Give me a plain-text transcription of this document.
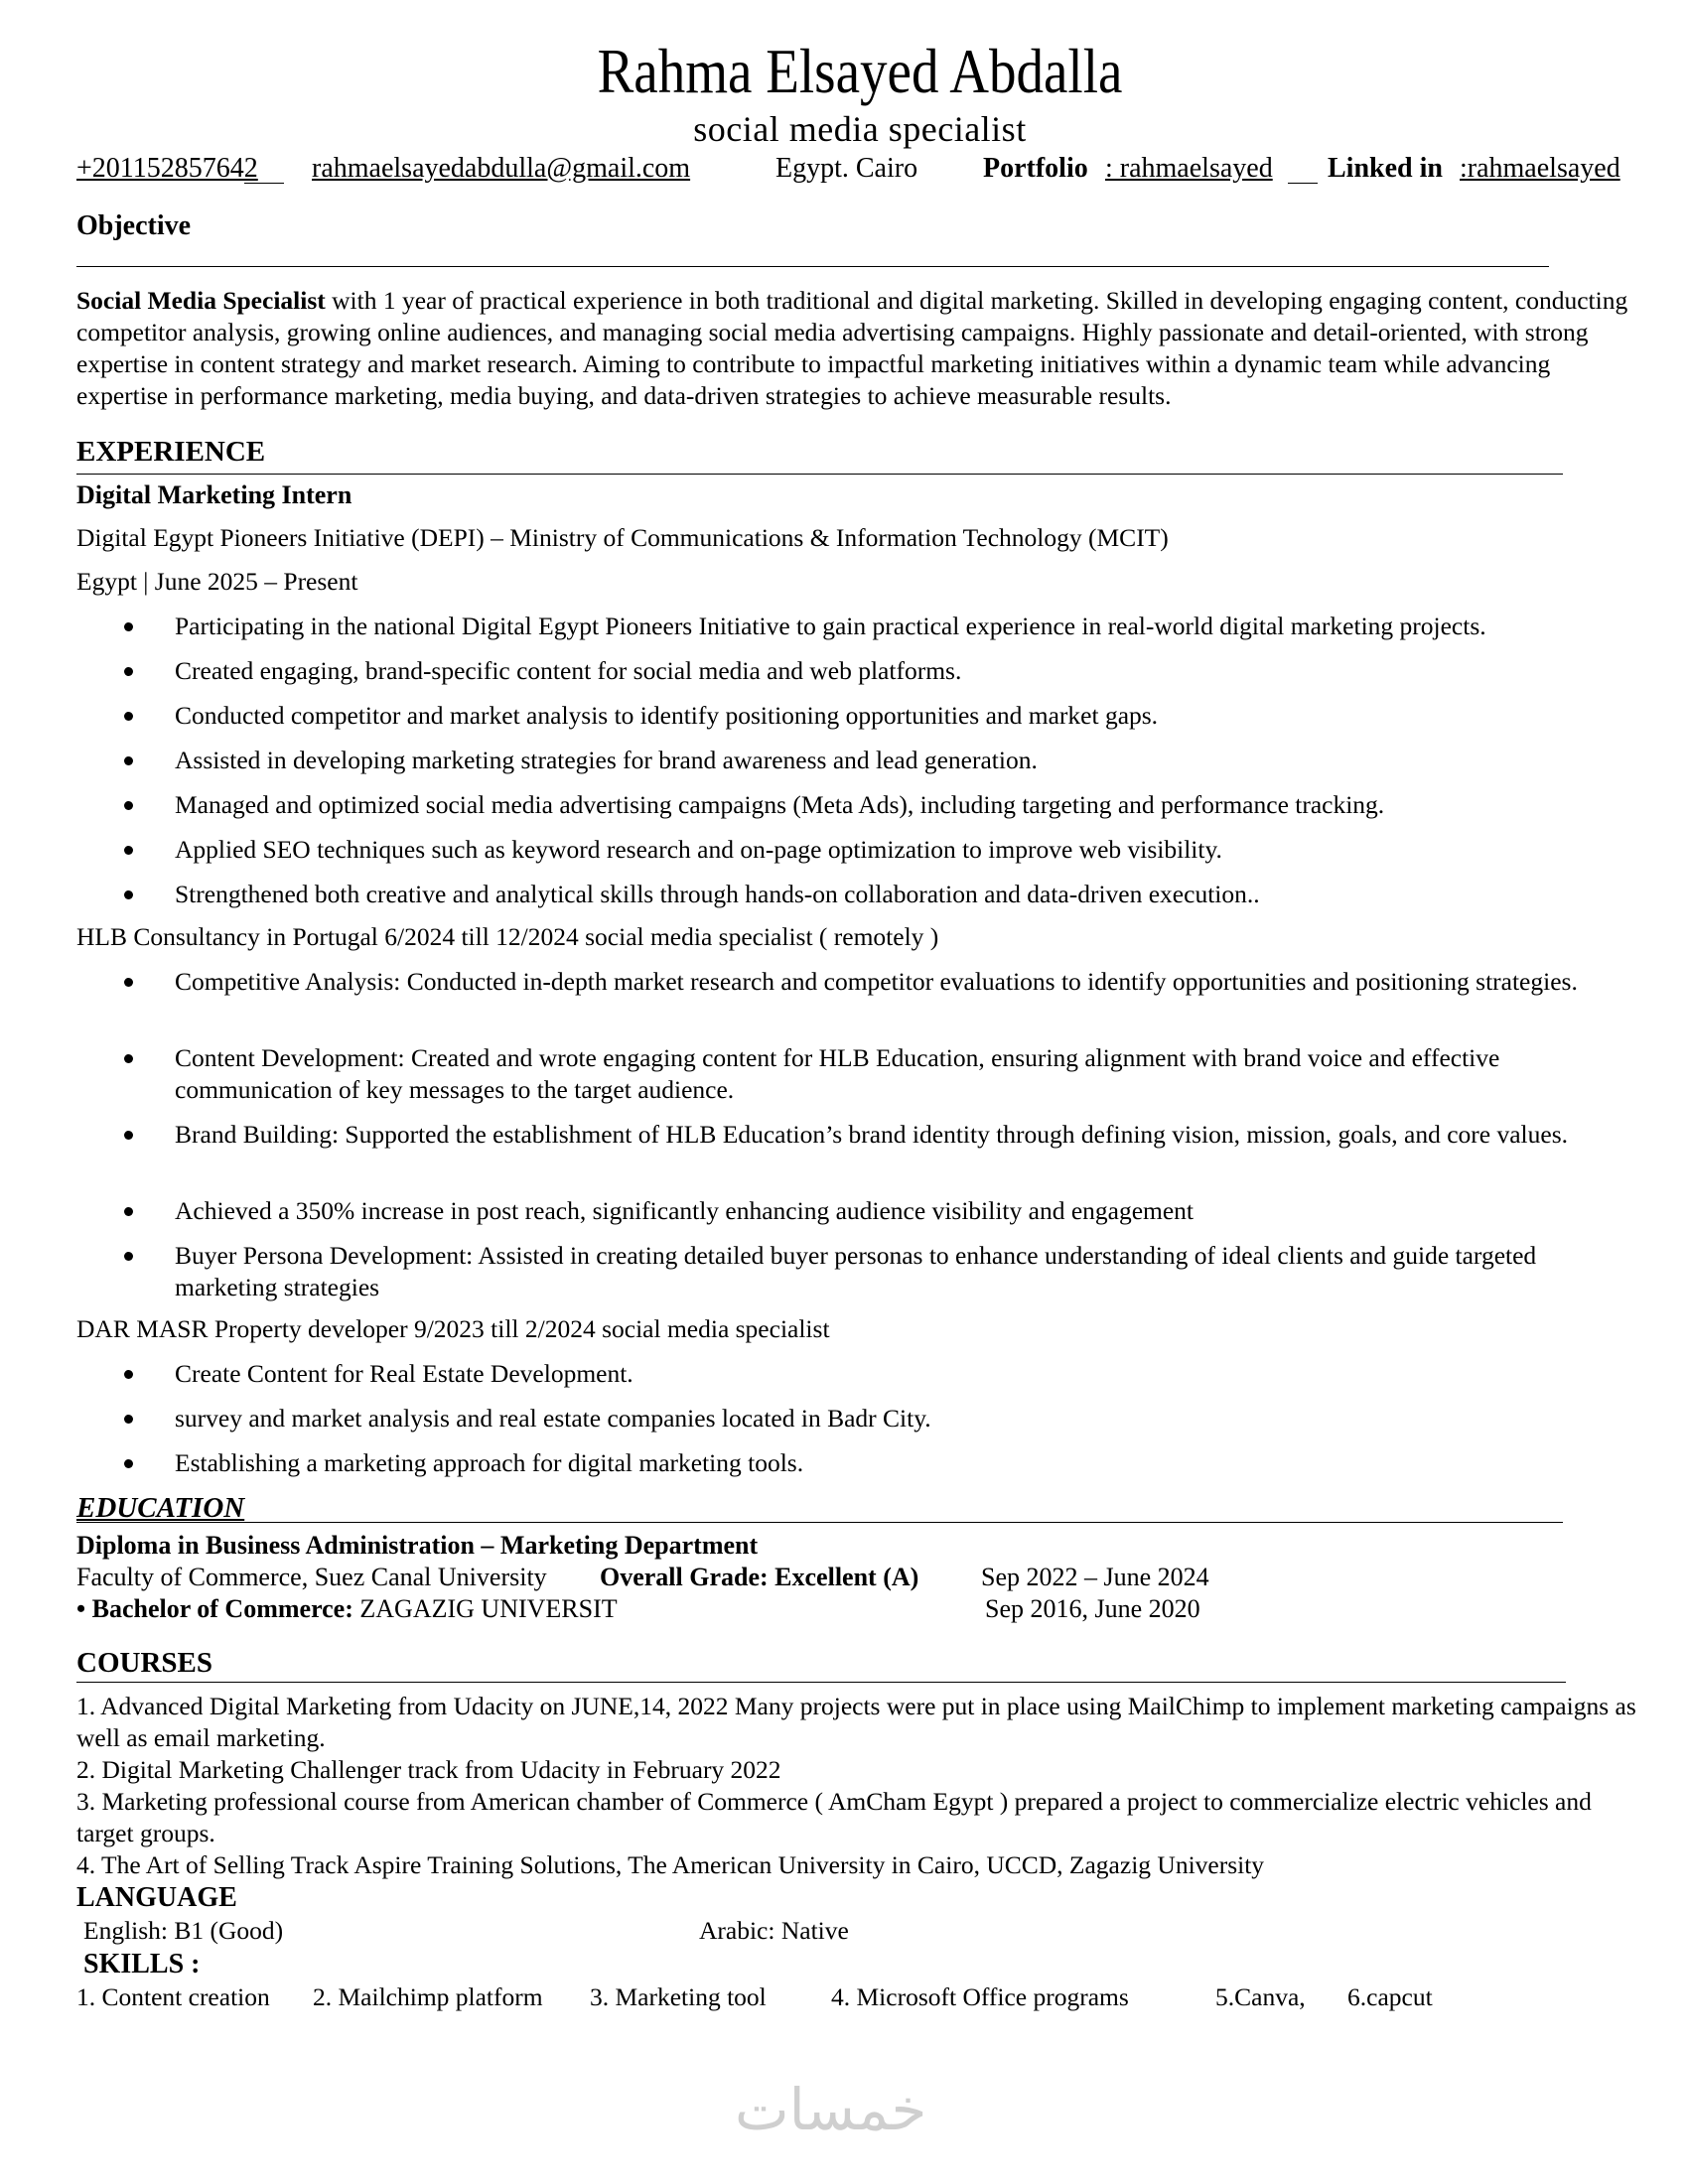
Rahma Elsayed Abdalla
social media specialist
+201152857642 rahmaelsayedabdulla@gmail.com	Egypt. Cairo Portfolio : rahmaelsayed Linked in :rahmaelsayed
Objective
Social Media Specialist with 1 year of practical experience in both traditional and digital marketing. Skilled in developing engaging content, conducting competitor analysis, growing online audiences, and managing social media advertising campaigns. Highly passionate and detail-oriented, with strong expertise in content strategy and market research. Aiming to contribute to impactful marketing initiatives within a dynamic team while advancing expertise in performance marketing, media buying, and data-driven strategies to achieve measurable results.
EXPERIENCE
Digital Marketing Intern
Digital Egypt Pioneers Initiative (DEPI) – Ministry of Communications & Information Technology (MCIT)
Egypt | June 2025 – Present
Participating in the national Digital Egypt Pioneers Initiative to gain practical experience in real-world digital marketing projects.
Created engaging, brand-specific content for social media and web platforms.
Conducted competitor and market analysis to identify positioning opportunities and market gaps.
Assisted in developing marketing strategies for brand awareness and lead generation.
Managed and optimized social media advertising campaigns (Meta Ads), including targeting and performance tracking.
Applied SEO techniques such as keyword research and on-page optimization to improve web visibility.
Strengthened both creative and analytical skills through hands-on collaboration and data-driven execution..
HLB Consultancy in Portugal 6/2024 till 12/2024 social media specialist ( remotely )
Competitive Analysis: Conducted in-depth market research and competitor evaluations to identify opportunities and positioning strategies.
Content Development: Created and wrote engaging content for HLB Education, ensuring alignment with brand voice and effective communication of key messages to the target audience.
Brand Building: Supported the establishment of HLB Education’s brand identity through defining vision, mission, goals, and core values.
Achieved a 350% increase in post reach, significantly enhancing audience visibility and engagement
Buyer Persona Development: Assisted in creating detailed buyer personas to enhance understanding of ideal clients and guide targeted marketing strategies
DAR MASR Property developer 9/2023 till 2/2024 social media specialist
Create Content for Real Estate Development.
survey and market analysis and real estate companies located in Badr City.
Establishing a marketing approach for digital marketing tools.
EDUCATION
Diploma in Business Administration – Marketing Department
Faculty of Commerce, Suez Canal University Overall Grade: Excellent (A) Sep 2022 – June 2024
• Bachelor of Commerce: ZAGAZIG UNIVERSIT	Sep 2016, June 2020
COURSES
1. Advanced Digital Marketing from Udacity on JUNE,14, 2022 Many projects were put in place using MailChimp to implement marketing campaigns as well as email marketing.
2. Digital Marketing Challenger track from Udacity in February 2022
3. Marketing professional course from American chamber of Commerce ( AmCham Egypt ) prepared a project to commercialize electric vehicles and target groups.
4. The Art of Selling Track Aspire Training Solutions, The American University in Cairo, UCCD, Zagazig University
LANGUAGE
English: B1 (Good)	Arabic: Native
SKILLS :
1. Content creation 2. Mailchimp platform 3. Marketing tool	4. Microsoft Office programs	5.Canva, 6.capcut
خمسات
